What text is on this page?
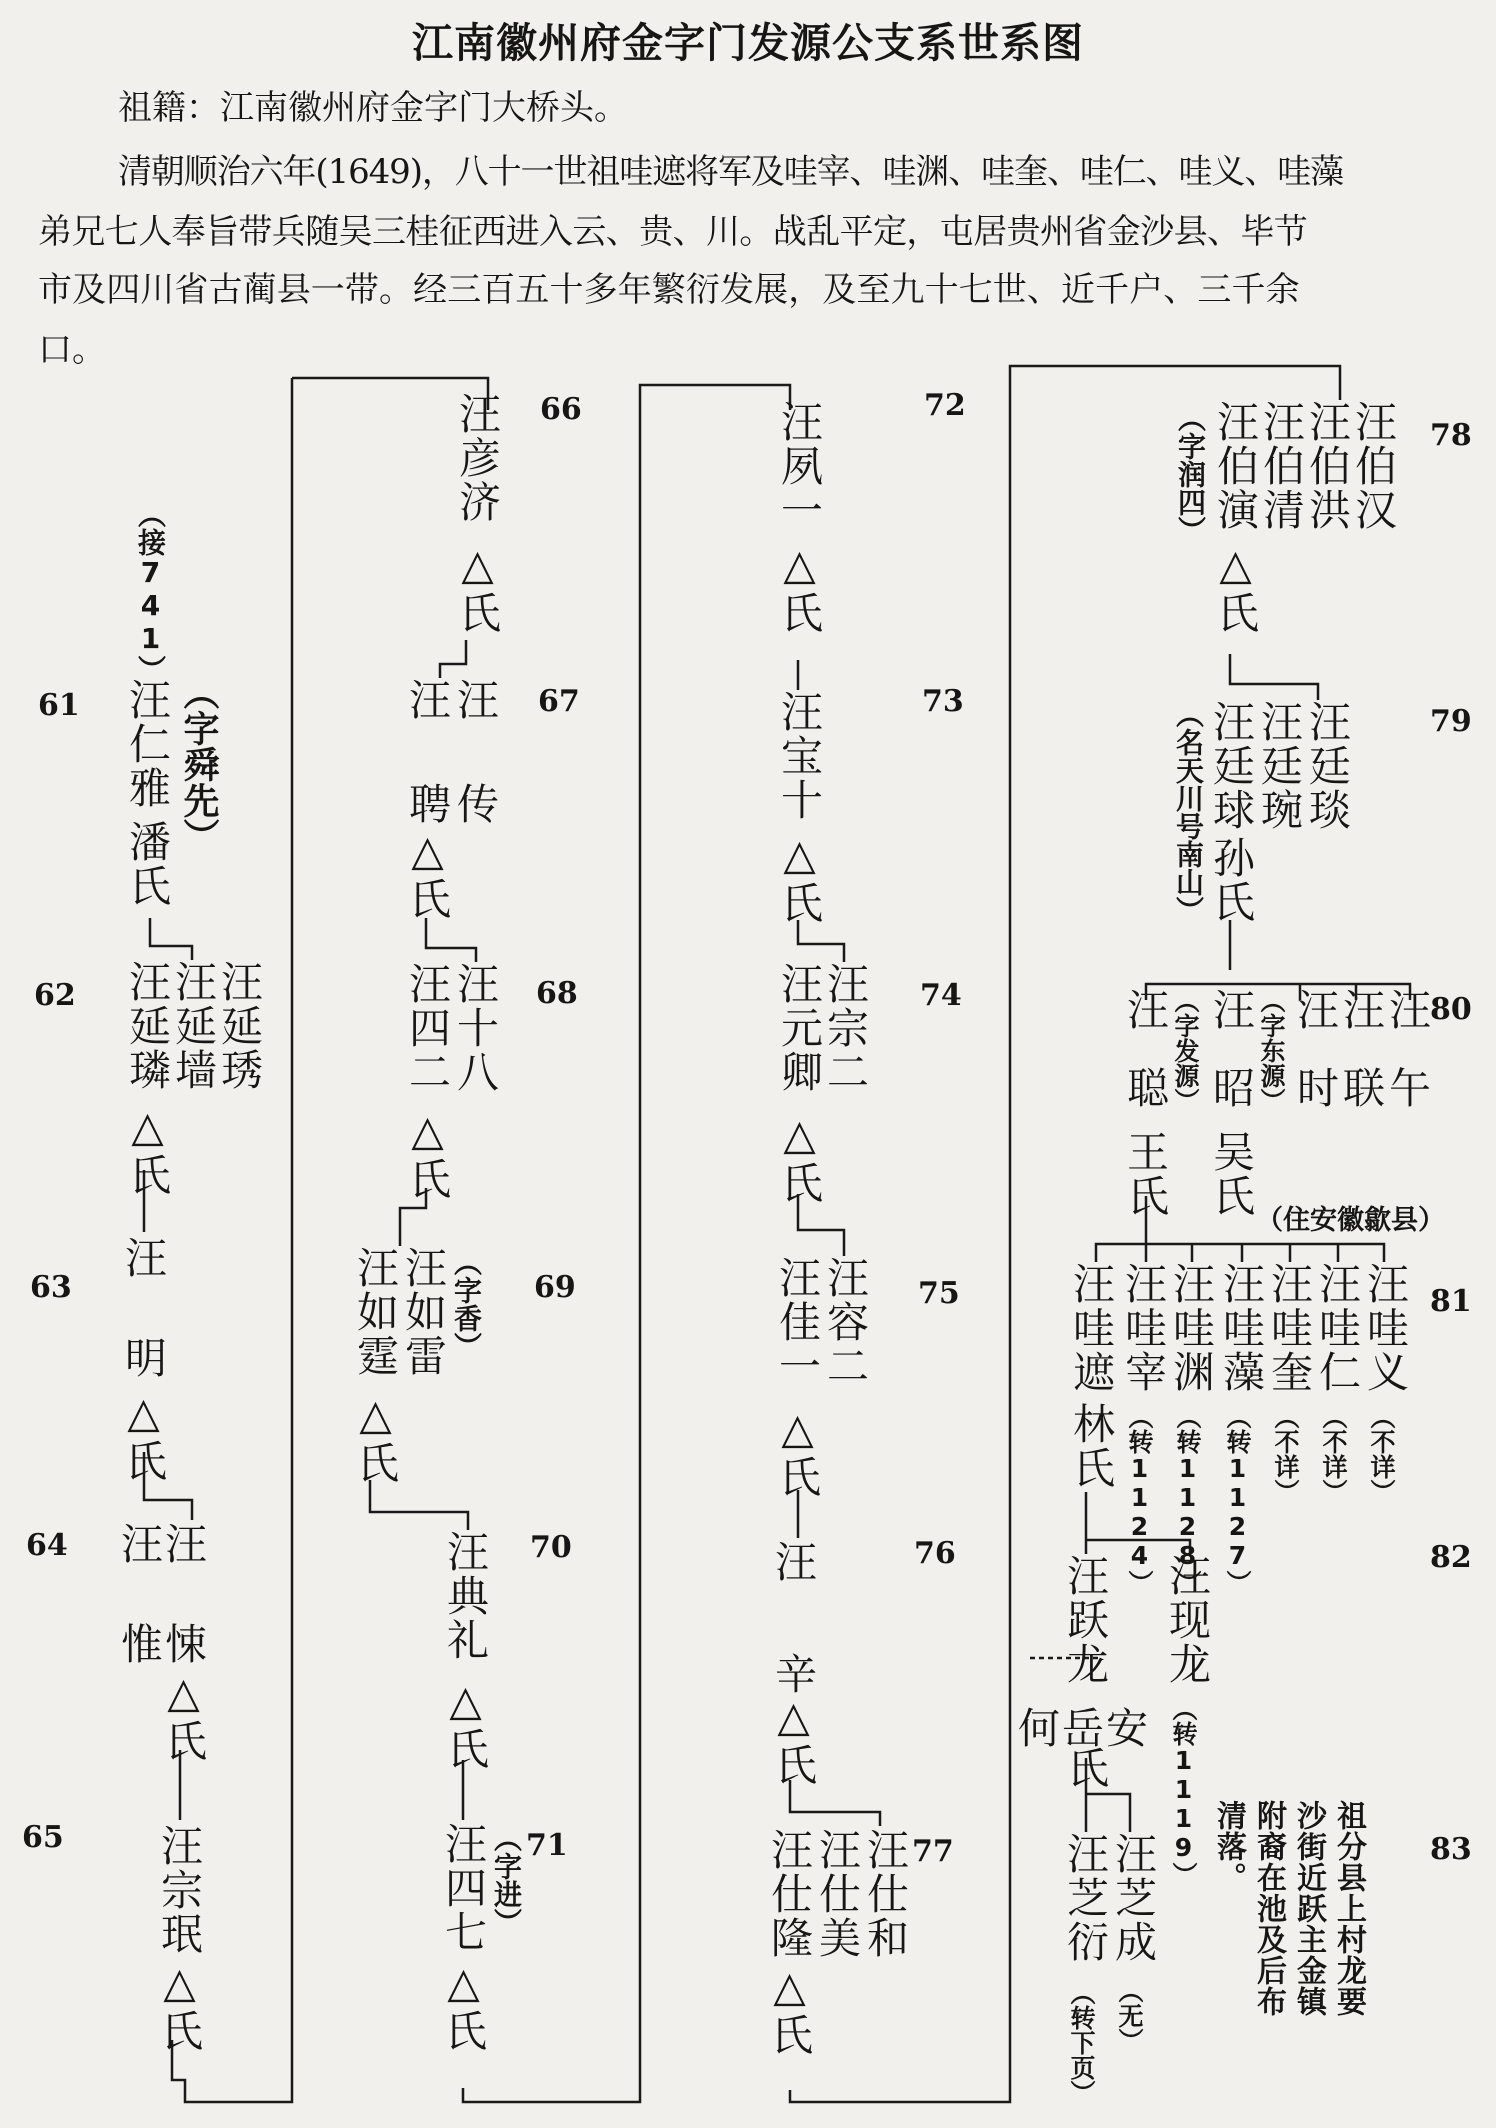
江南徽州府金字门发源公支系世系图
祖籍：江南徽州府金字门大桥头。
清朝顺治六年(1649)，八十一世祖哇遮将军及哇宰、哇渊、哇奎、哇仁、哇义、哇藻
弟兄七人奉旨带兵随吴三桂征西进入云、贵、川。战乱平定，屯居贵州省金沙县、毕节
市及四川省古蔺县一带。经三百五十多年繁衍发展，及至九十七世、近千户、三千余
口。
61
62
63
64
65
66
67
68
69
70
71
72
73
74
75
76
77
78
79
80
81
82
83
（接741）
汪仁雅 （字舜先）
潘氏
汪延璘
汪延墙
汪延琇
△氏
汪　明
△氏
汪　惟
汪　悚
△氏
汪宗珉
△氏
汪彦济
△氏
汪　聘 汪　传
△氏
汪四二 汪十八
△氏
汪如霆 汪如雷 （字香）
△氏
汪典礼
△氏
汪四七 （字进）
△氏
汪夙一
△氏
汪宝十
△氏
汪元卿
汪宗二
△氏
汪佳一 汪容二
△氏
汪　辛
△氏
汪仕隆 汪仕美 汪仕和
△氏
（字润四） 汪伯演
汪伯清
汪伯洪
汪伯汉
△氏
（名天川号南山） 汪廷球 汪廷琬 汪廷琰
孙氏
汪聪 （字发源）
王氏
汪昭 （字东源）
吴氏
（住安徽歙县）
汪时
汪联
汪午
汪哇遮
林氏
汪哇宰
（转1124）
汪哇渊
（转1128）
汪哇藻
（转1127）
汪哇奎
（不详）
汪哇仁
（不详）
汪哇义
（不详）
汪跃龙
何岳安
氏
汪现龙
（转1119）
汪芝衍
（转下页）
汪芝成
（无）	祖分县上村龙要沙街近跃主金镇附裔在池及后布清落。
